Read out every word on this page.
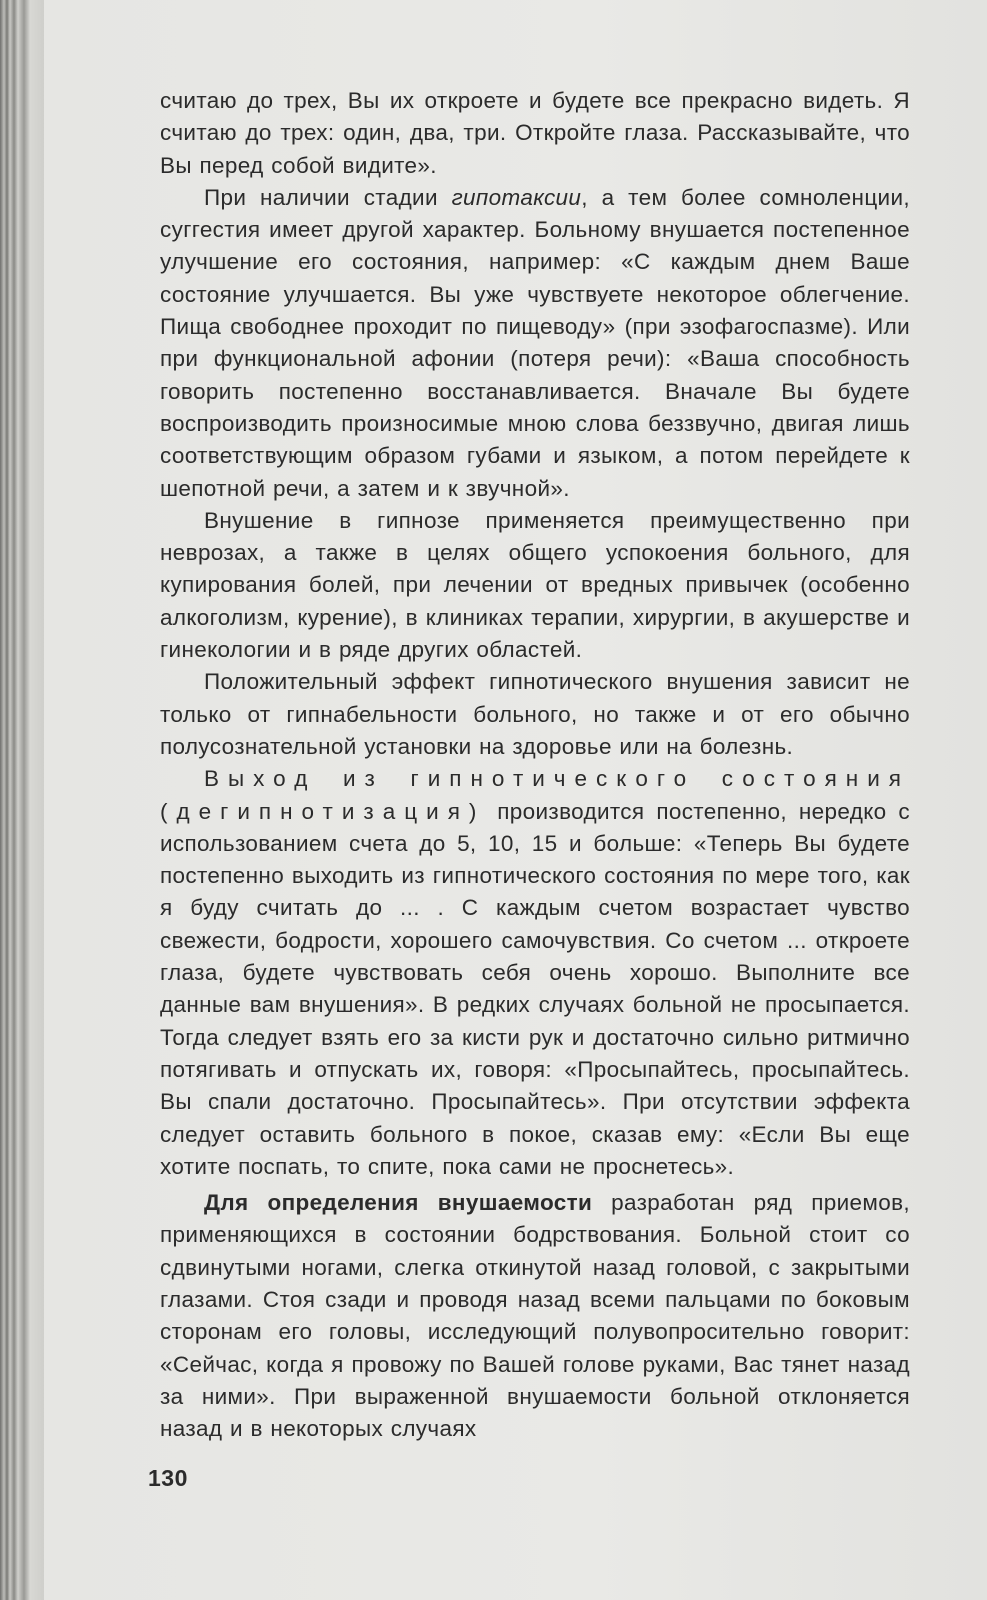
считаю до трех, Вы их откроете и будете все прекрасно видеть. Я считаю до трех: один, два, три. Откройте глаза. Рассказывайте, что Вы перед собой видите».

При наличии стадии гипотаксии, а тем более сомноленции, суггестия имеет другой характер. Больному внушается постепенное улучшение его состояния, например: «С каждым днем Ваше состояние улучшается. Вы уже чувствуете некоторое облегчение. Пища свободнее проходит по пищеводу» (при эзофагоспазме). Или при функциональной афонии (потеря речи): «Ваша способность говорить постепенно восстанавливается. Вначале Вы будете воспроизводить произносимые мною слова беззвучно, двигая лишь соответствующим образом губами и языком, а потом перейдете к шепотной речи, а затем и к звучной».

Внушение в гипнозе применяется преимущественно при неврозах, а также в целях общего успокоения больного, для купирования болей, при лечении от вредных привычек (особенно алкоголизм, курение), в клиниках терапии, хирургии, в акушерстве и гинекологии и в ряде других областей.

Положительный эффект гипнотического внушения зависит не только от гипнабельности больного, но также и от его обычно полусознательной установки на здоровье или на болезнь.

Выход из гипнотического состояния (дегипнотизация) производится постепенно, нередко с использованием счета до 5, 10, 15 и больше: «Теперь Вы будете постепенно выходить из гипнотического состояния по мере того, как я буду считать до ... . С каждым счетом возрастает чувство свежести, бодрости, хорошего самочувствия. Со счетом ... откроете глаза, будете чувствовать себя очень хорошо. Выполните все данные вам внушения». В редких случаях больной не просыпается. Тогда следует взять его за кисти рук и достаточно сильно ритмично потягивать и отпускать их, говоря: «Просыпайтесь, просыпайтесь. Вы спали достаточно. Просыпайтесь». При отсутствии эффекта следует оставить больного в покое, сказав ему: «Если Вы еще хотите поспать, то спите, пока сами не проснетесь».

Для определения внушаемости разработан ряд приемов, применяющихся в состоянии бодрствования. Больной стоит со сдвинутыми ногами, слегка откинутой назад головой, с закрытыми глазами. Стоя сзади и проводя назад всеми пальцами по боковым сторонам его головы, исследующий полувопросительно говорит: «Сейчас, когда я провожу по Вашей голове руками, Вас тянет назад за ними». При выраженной внушаемости больной отклоняется назад и в некоторых случаях

130
